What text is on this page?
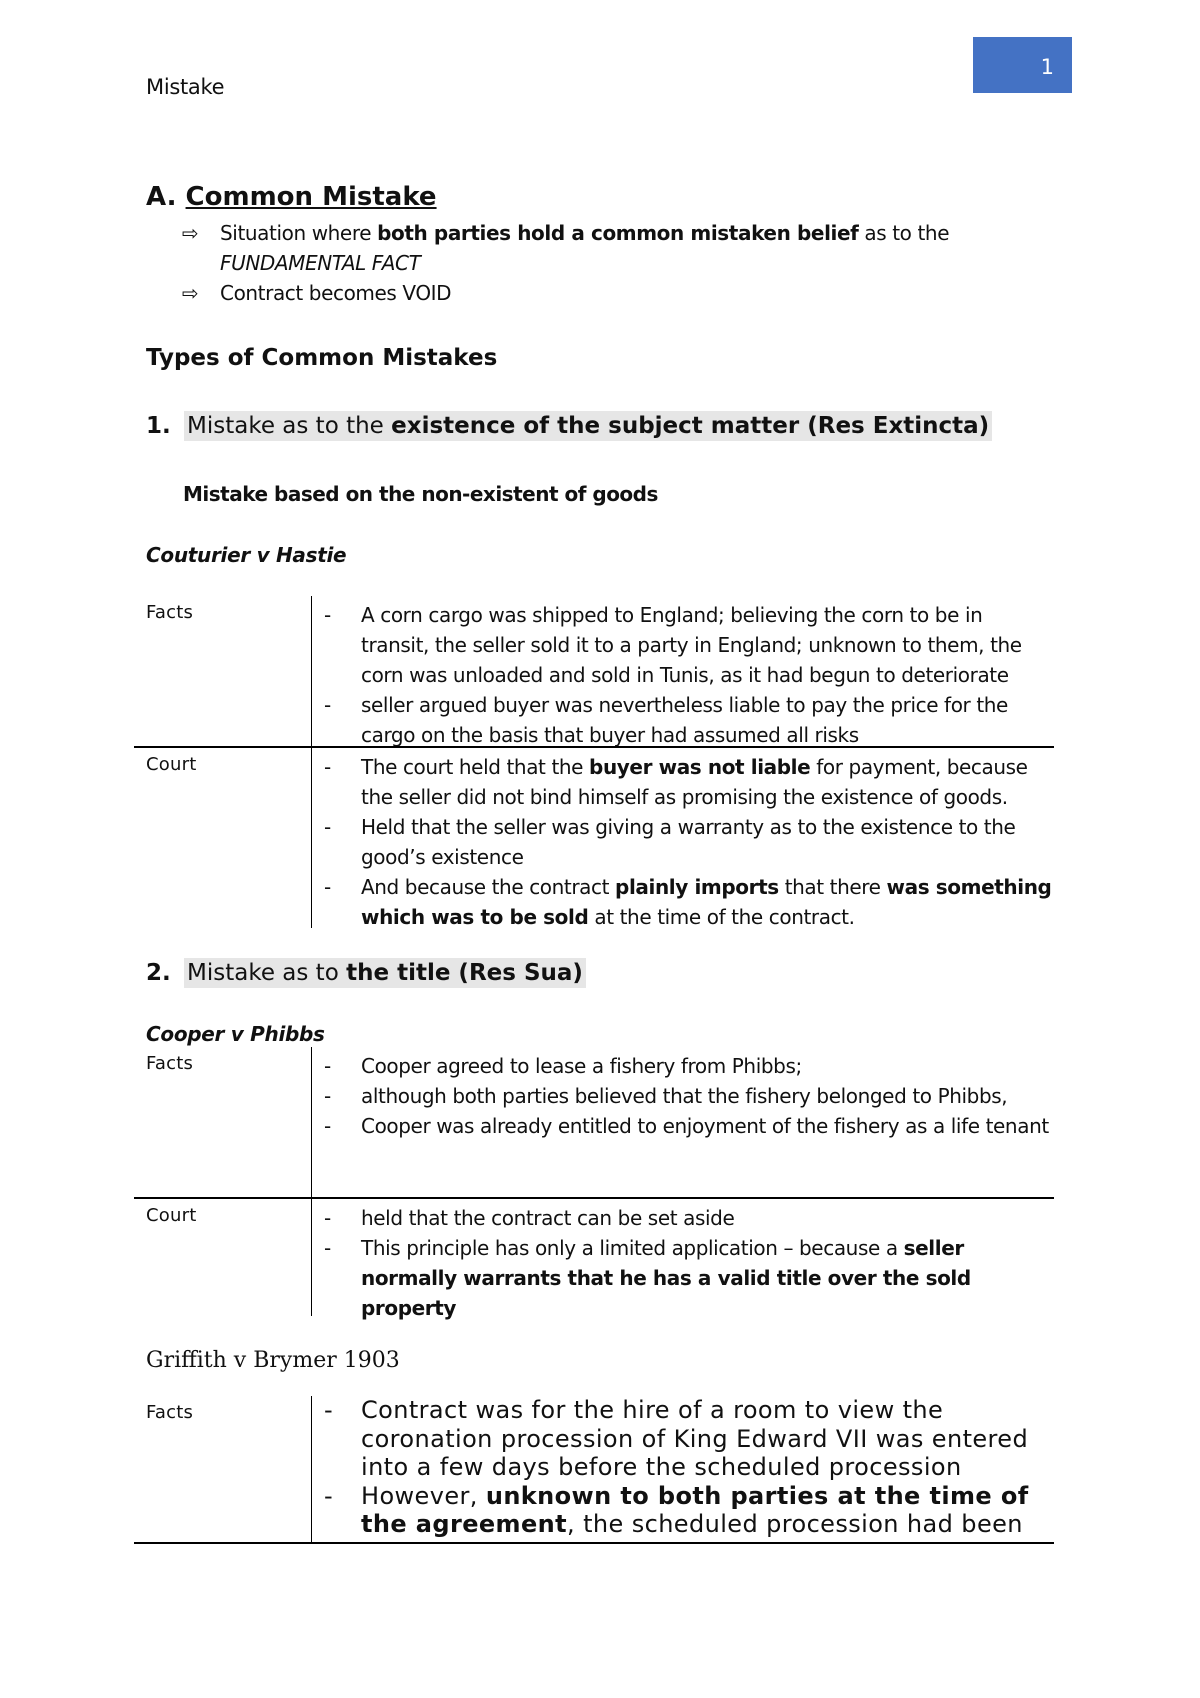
1
Mistake
A. Common Mistake
⇨ Situation where both parties hold a common mistaken belief as to the
FUNDAMENTAL FACT
⇨ Contract becomes VOID
Types of Common Mistakes
1. Mistake as to the existence of the subject matter (Res Extincta)
Mistake based on the non-existent of goods
Couturier v Hastie
Facts	- A corn cargo was shipped to England; believing the corn to be in transit, the seller sold it to a party in England; unknown to them, the corn was unloaded and sold in Tunis, as it had begun to deteriorate
- seller argued buyer was nevertheless liable to pay the price for the cargo on the basis that buyer had assumed all risks
Court	- The court held that the buyer was not liable for payment, because the seller did not bind himself as promising the existence of goods.
- Held that the seller was giving a warranty as to the existence to the good’s existence
- And because the contract plainly imports that there was something which was to be sold at the time of the contract.
2. Mistake as to the title (Res Sua)
Cooper v Phibbs
Facts	- Cooper agreed to lease a fishery from Phibbs;
- although both parties believed that the fishery belonged to Phibbs,
- Cooper was already entitled to enjoyment of the fishery as a life tenant
Court	- held that the contract can be set aside
- This principle has only a limited application – because a seller normally warrants that he has a valid title over the sold property
Griffith v Brymer 1903
Facts	- Contract was for the hire of a room to view the coronation procession of King Edward VII was entered into a few days before the scheduled procession
- However, unknown to both parties at the time of the agreement, the scheduled procession had been
